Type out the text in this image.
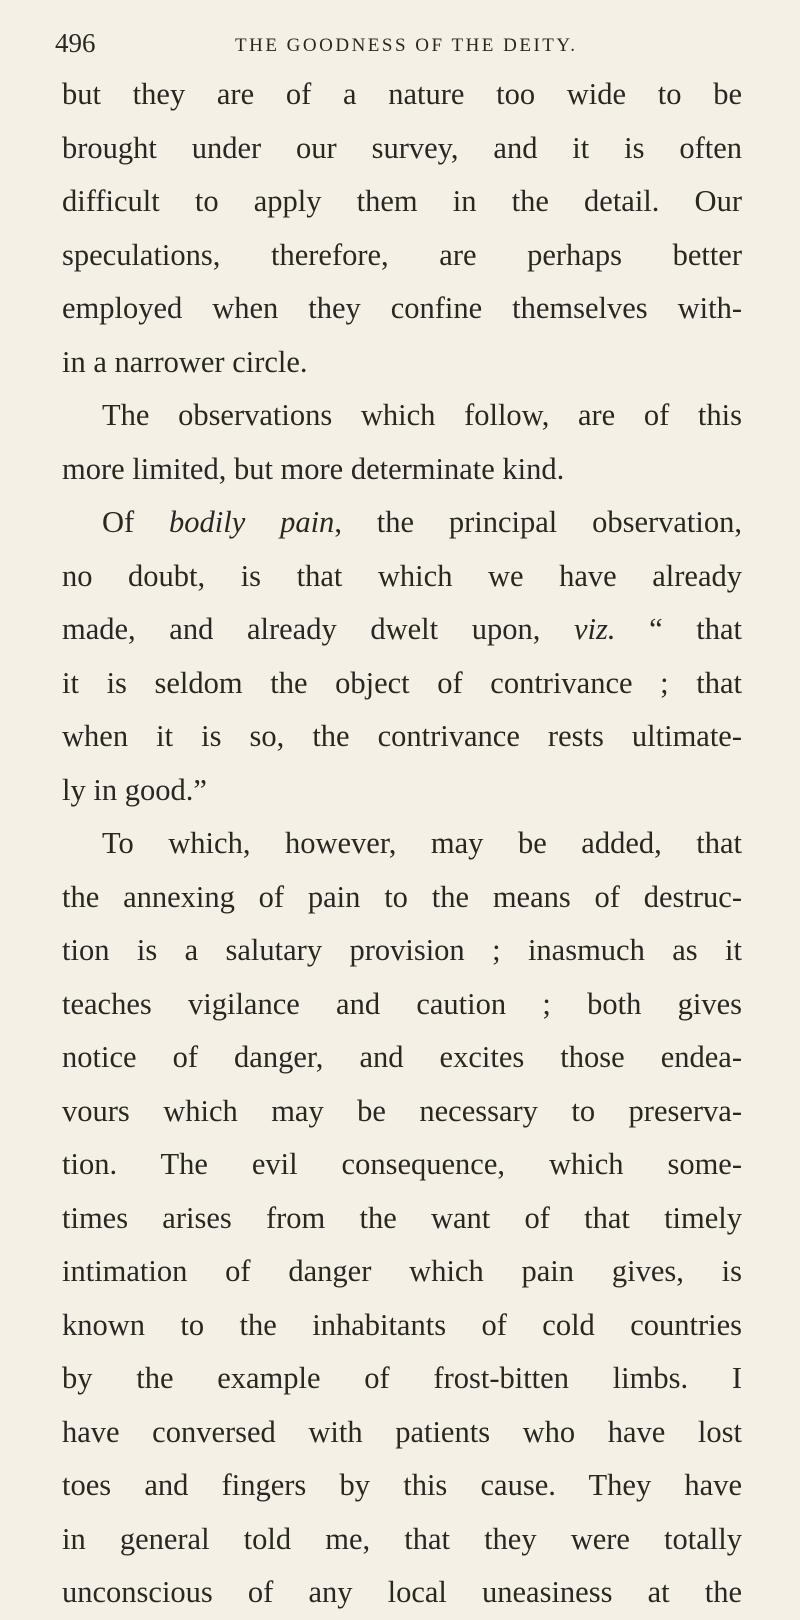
496	THE GOODNESS OF THE DEITY.
but they are of a nature too wide to be
brought under our survey, and it is often
difficult to apply them in the detail. Our
speculations, therefore, are perhaps better
employed when they confine themselves with-
in a narrower circle.
The observations which follow, are of this
more limited, but more determinate kind.
Of bodily pain, the principal observation,
no doubt, is that which we have already
made, and already dwelt upon, viz. “ that
it is seldom the object of contrivance ; that
when it is so, the contrivance rests ultimate-
ly in good.”
To which, however, may be added, that
the annexing of pain to the means of destruc-
tion is a salutary provision ; inasmuch as it
teaches vigilance and caution ; both gives
notice of danger, and excites those endea-
vours which may be necessary to preserva-
tion. The evil consequence, which some-
times arises from the want of that timely
intimation of danger which pain gives, is
known to the inhabitants of cold countries
by the example of frost-bitten limbs. I
have conversed with patients who have lost
toes and fingers by this cause. They have
in general told me, that they were totally
unconscious of any local uneasiness at the
